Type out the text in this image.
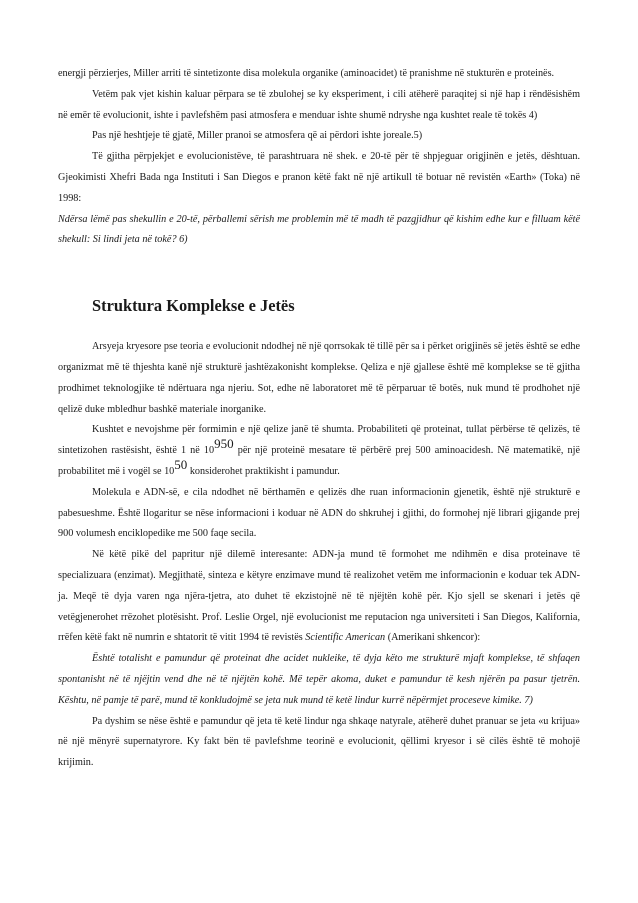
energji përzierjes, Miller arriti të sintetizonte disa molekula organike (aminoacidet) të pranishme në stukturën e proteinës.

Vetëm pak vjet kishin kaluar përpara se të zbulohej se ky eksperiment, i cili atëherë paraqitej si një hap i rëndësishëm në emër të evolucionit, ishte i pavlefshëm pasi atmosfera e menduar ishte shumë ndryshe nga kushtet reale të tokës 4)

Pas një heshtjeje të gjatë, Miller pranoi se atmosfera që ai përdori ishte joreale.5)

Të gjitha përpjekjet e evolucionistëve, të parashtruara në shek. e 20-të për të shpjeguar origjinën e jetës, dështuan. Gjeokimisti Xhefri Bada nga Instituti i San Diegos e pranon këtë fakt në një artikull të botuar në revistën «Earth» (Toka) në 1998:

Ndërsa lëmë pas shekullin e 20-të, përballemi sërish me problemin më të madh të pazgjidhur që kishim edhe kur e filluam këtë shekull: Si lindi jeta në tokë? 6)

Struktura Komplekse e Jetës

Arsyeja kryesore pse teoria e evolucionit ndodhej në një qorrsokak të tillë për sa i përket origjinës së jetës është se edhe organizmat më të thjeshta kanë një strukturë jashtëzakonisht komplekse. Qeliza e një gjallese është më komplekse se të gjitha prodhimet teknologjike të ndërtuara nga njeriu. Sot, edhe në laboratoret më të përparuar të botës, nuk mund të prodhohet një qelizë duke mbledhur bashkë materiale inorganike.

Kushtet e nevojshme për formimin e një qelize janë të shumta. Probabiliteti që proteinat, tullat përbërse të qelizës, të sintetizohen rastësisht, është 1 në $10^{950}$ për një proteinë mesatare të përbërë prej 500 aminoacidesh. Në matematikë, një probabilitet më i vogël se $10^{50}$ konsiderohet praktikisht i pamundur.

Molekula e ADN-së, e cila ndodhet në bërthamën e qelizës dhe ruan informacionin gjenetik, është një strukturë e pabesueshme. Është llogaritur se nëse informacioni i koduar në ADN do shkruhej i gjithi, do formohej një librari gjigande prej 900 volumesh enciklopedike me 500 faqe secila.

Në këtë pikë del papritur një dilemë interesante: ADN-ja mund të formohet me ndihmën e disa proteinave të specializuara (enzimat). Megjithatë, sinteza e këtyre enzimave mund të realizohet vetëm me informacionin e koduar tek ADN-ja. Meqë të dyja varen nga njëra-tjetra, ato duhet të ekzistojnë në të njëjtën kohë për. Kjo sjell se skenari i jetës që vetëgjenerohet rrëzohet plotësisht. Prof. Leslie Orgel, një evolucionist me reputacion nga universiteti i San Diegos, Kalifornia, rrëfen këtë fakt në numrin e shtatorit të vitit 1994 të revistës Scientific American (Amerikani shkencor):

Është totalisht e pamundur që proteinat dhe acidet nukleike, të dyja këto me strukturë mjaft komplekse, të shfaqen spontanisht në të njëjtin vend dhe në të njëjtën kohë. Më tepër akoma, duket e pamundur të kesh njërën pa pasur tjetrën. Kështu, në pamje të parë, mund të konkludojmë se jeta nuk mund të ketë lindur kurrë nëpërmjet proceseve kimike. 7)

Pa dyshim se nëse është e pamundur që jeta të ketë lindur nga shkaqe natyrale, atëherë duhet pranuar se jeta «u krijua» në një mënyrë supernatyrore. Ky fakt bën të pavlefshme teorinë e evolucionit, qëllimi kryesor i së cilës është të mohojë krijimin.
